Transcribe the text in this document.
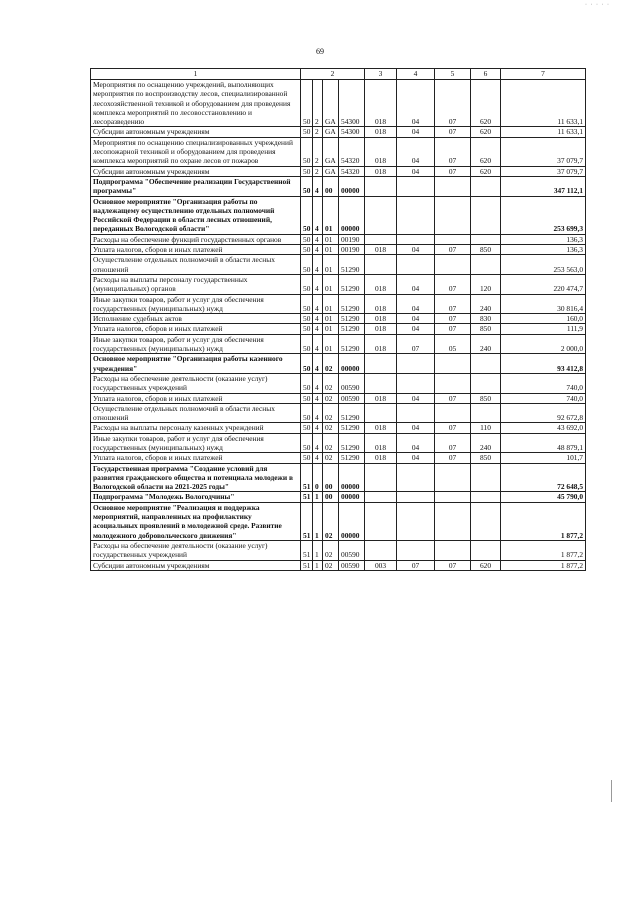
· · · · ·
69
1	2				3	4	5	6	7
Мероприятия по оснащению учреждений, выполняющих мероприятия по воспроизводству лесов, специализированной лесохозяйственной техникой и оборудованием для проведения комплекса мероприятий по лесовосстановлению и лесоразведению	50	2	GA	54300	018	04	07	620	11 633,1
Субсидии автономным учреждениям	50	2	GA	54300	018	04	07	620	11 633,1
Мероприятия по оснащению специализированных учреждений лесопожарной техникой и оборудованием для проведения комплекса мероприятий по охране лесов от пожаров	50	2	GA	54320	018	04	07	620	37 079,7
Субсидии автономным учреждениям	50	2	GA	54320	018	04	07	620	37 079,7
Подпрограмма "Обеспечение реализации Государственной программы"	50	4	00	00000					347 112,1
Основное мероприятие "Организация работы по надлежащему осуществлению отдельных полномочий Российской Федерации в области лесных отношений, переданных Вологодской области"	50	4	01	00000					253 699,3
Расходы на обеспечение функций государственных органов	50	4	01	00190					136,3
Уплата налогов, сборов и иных платежей	50	4	01	00190	018	04	07	850	136,3
Осуществление отдельных полномочий в области лесных отношений	50	4	01	51290					253 563,0
Расходы на выплаты персоналу государственных (муниципальных) органов	50	4	01	51290	018	04	07	120	220 474,7
Иные закупки товаров, работ и услуг для обеспечения государственных (муниципальных) нужд	50	4	01	51290	018	04	07	240	30 816,4
Исполнение судебных актов	50	4	01	51290	018	04	07	830	160,0
Уплата налогов, сборов и иных платежей	50	4	01	51290	018	04	07	850	111,9
Иные закупки товаров, работ и услуг для обеспечения государственных (муниципальных) нужд	50	4	01	51290	018	07	05	240	2 000,0
Основное мероприятие "Организация работы казенного учреждения"	50	4	02	00000					93 412,8
Расходы на обеспечение деятельности (оказание услуг) государственных учреждений	50	4	02	00590					740,0
Уплата налогов, сборов и иных платежей	50	4	02	00590	018	04	07	850	740,0
Осуществление отдельных полномочий в области лесных отношений	50	4	02	51290					92 672,8
Расходы на выплаты персоналу казенных учреждений	50	4	02	51290	018	04	07	110	43 692,0
Иные закупки товаров, работ и услуг для обеспечения государственных (муниципальных) нужд	50	4	02	51290	018	04	07	240	48 879,1
Уплата налогов, сборов и иных платежей	50	4	02	51290	018	04	07	850	101,7
Государственная программа "Создание условий для развития гражданского общества и потенциала молодежи в Вологодской области на 2021-2025 годы"	51	0	00	00000					72 648,5
Подпрограмма "Молодежь Вологодчины"	51	1	00	00000					45 790,0
Основное мероприятие "Реализация и поддержка мероприятий, направленных на профилактику асоциальных проявлений в молодежной среде. Развитие молодежного добровольческого движения"	51	1	02	00000					1 877,2
Расходы на обеспечение деятельности (оказание услуг) государственных учреждений	51	1	02	00590					1 877,2
Субсидии автономным учреждениям	51	1	02	00590	003	07	07	620	1 877,2
